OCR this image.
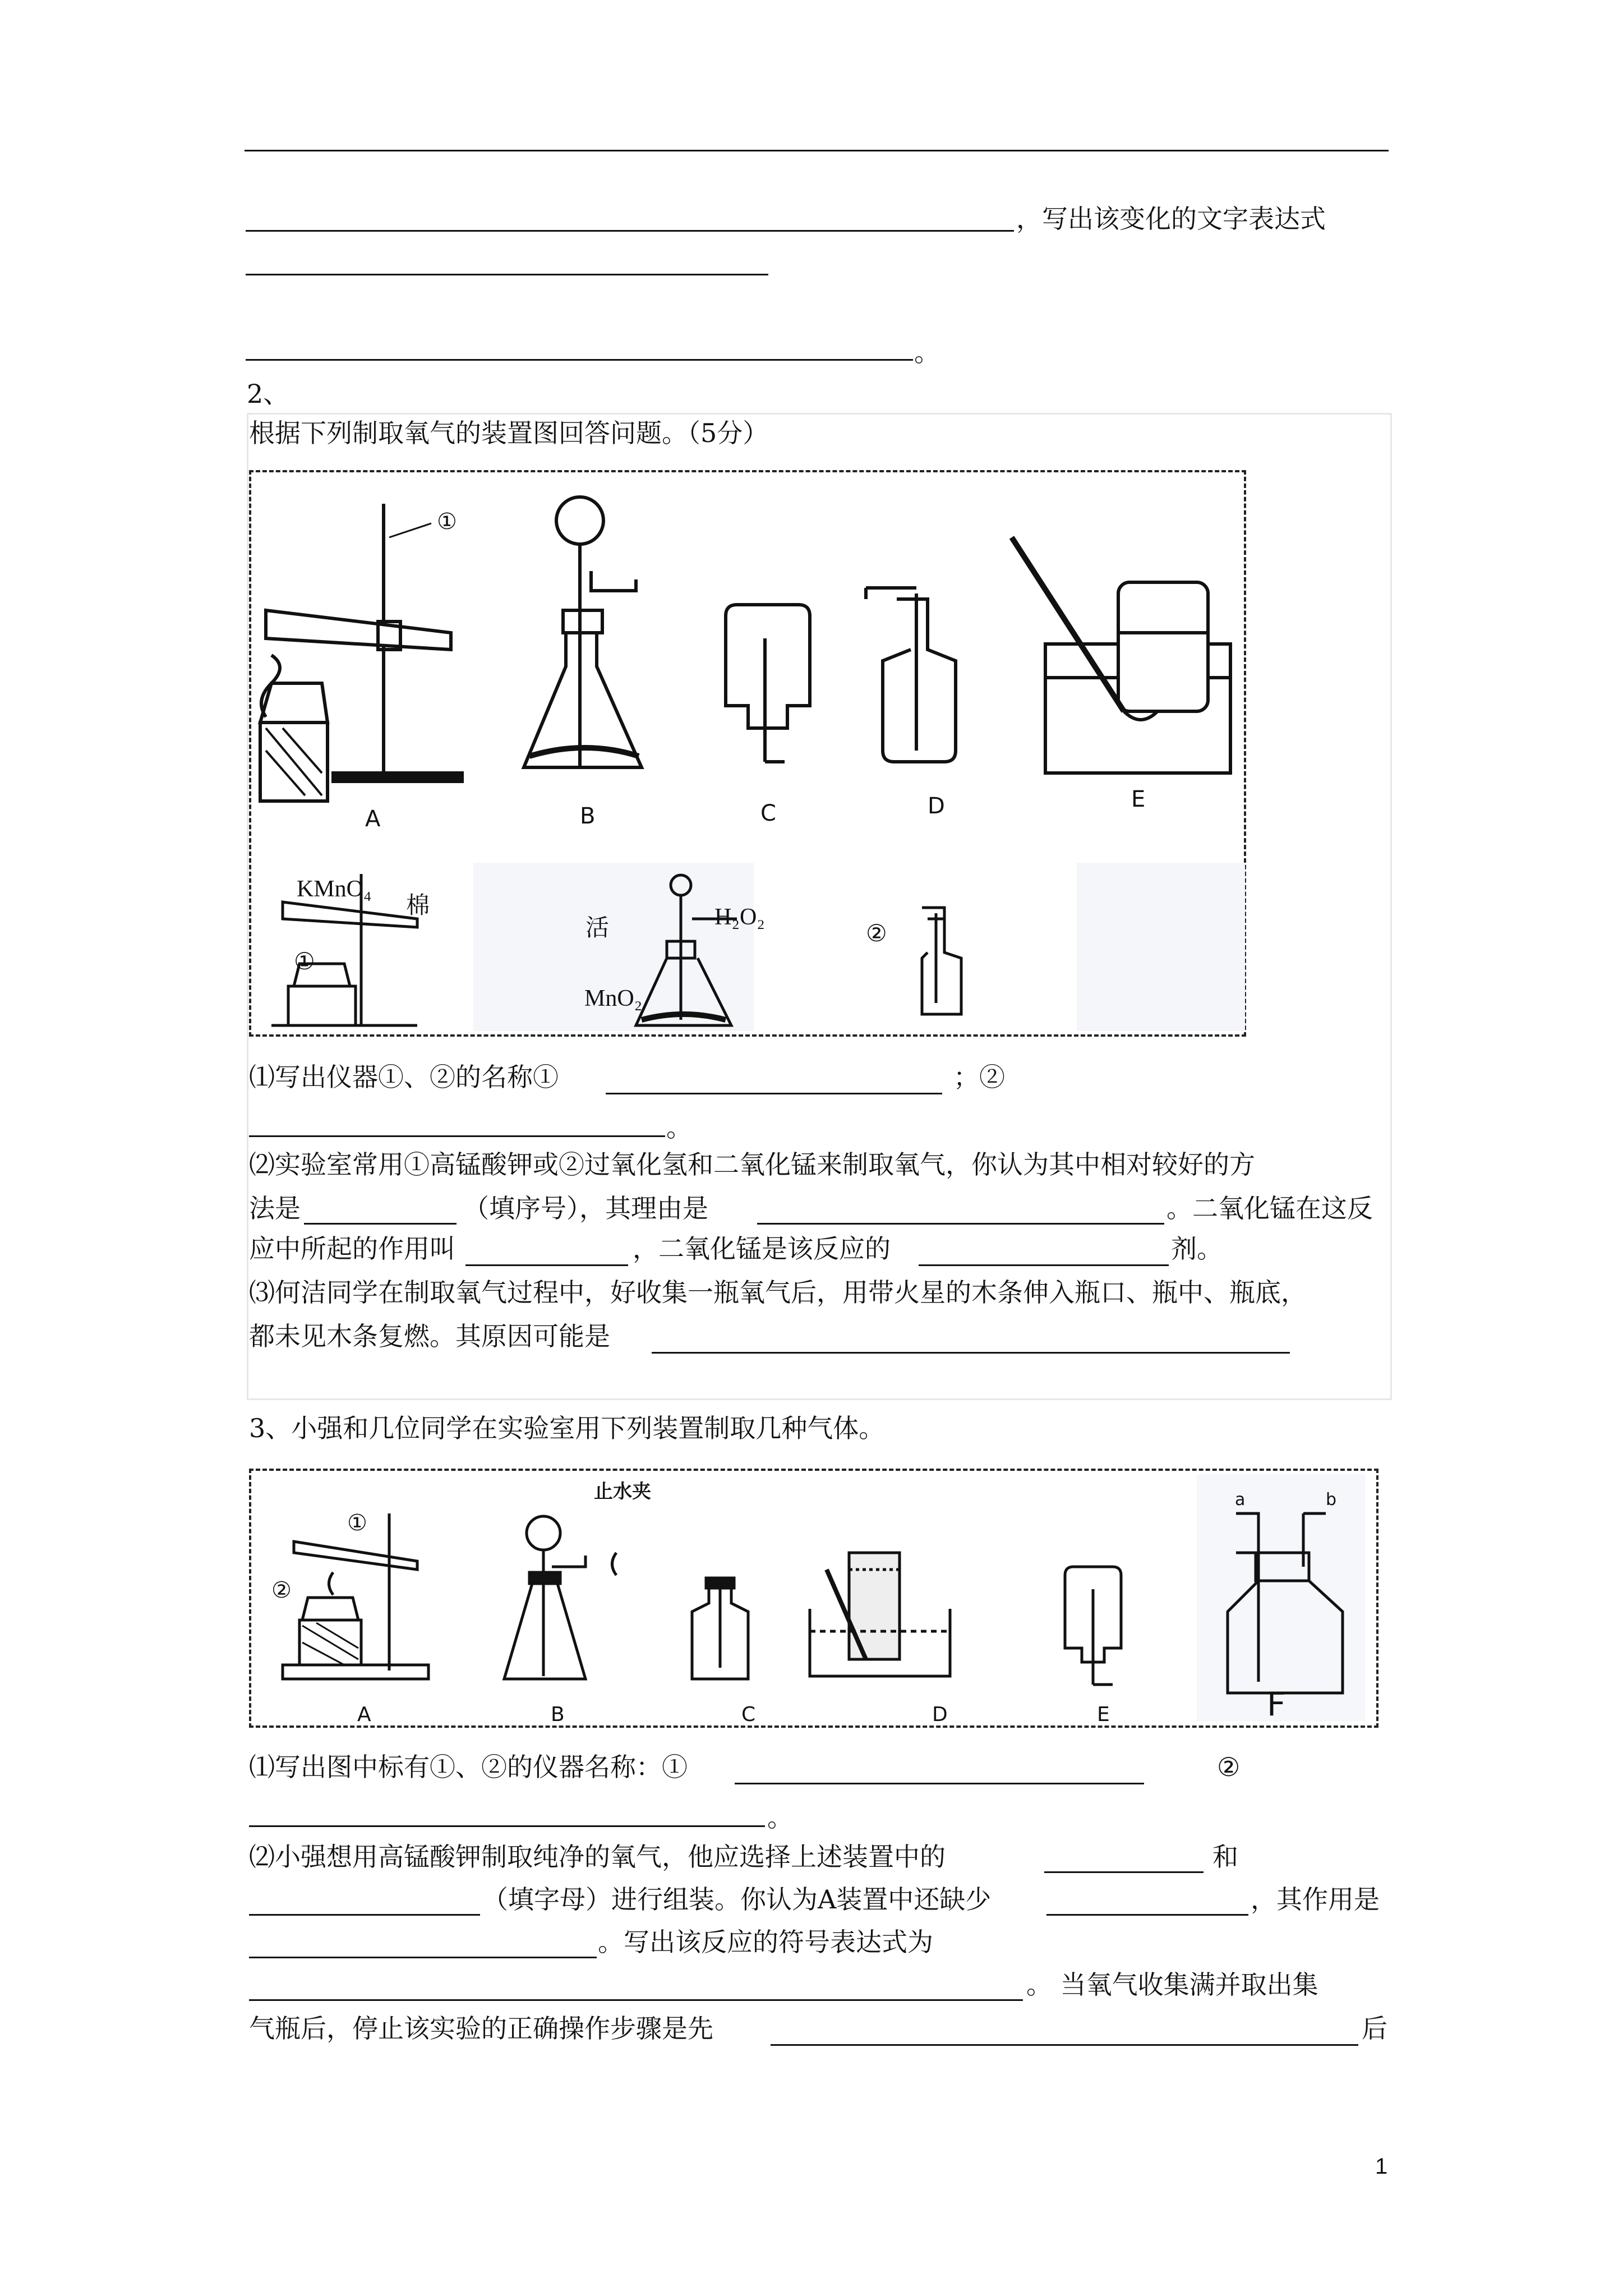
，写出该变化的文字表达式
。
2、
根据下列制取氧气的装置图回答问题。（5分）
①
A	B	C	D	E
KMnO₄
棉
①
活	H₂O₂
MnO₂
②
⑴写出仪器①、②的名称①	；②
。
⑵实验室常用①高锰酸钾或②过氧化氢和二氧化锰来制取氧气，你认为其中相对较好的方
法是	（填序号），其理由是	。二氧化锰在这反
应中所起的作用叫	，二氧化锰是该反应的	剂。
⑶何洁同学在制取氧气过程中，好收集一瓶氧气后，用带火星的木条伸入瓶口、瓶中、瓶底，
都未见木条复燃。其原因可能是
3、小强和几位同学在实验室用下列装置制取几种气体。
①
②
止水夹	a	b
A	B	C	D	E	F
⑴写出图中标有①、②的仪器名称：①	②
。
⑵小强想用高锰酸钾制取纯净的氧气，他应选择上述装置中的	和
（填字母）进行组装。你认为A装置中还缺少	，其作用是
。写出该反应的符号表达式为
。 当氧气收集满并取出集
气瓶后，停止该实验的正确操作步骤是先	后
1
